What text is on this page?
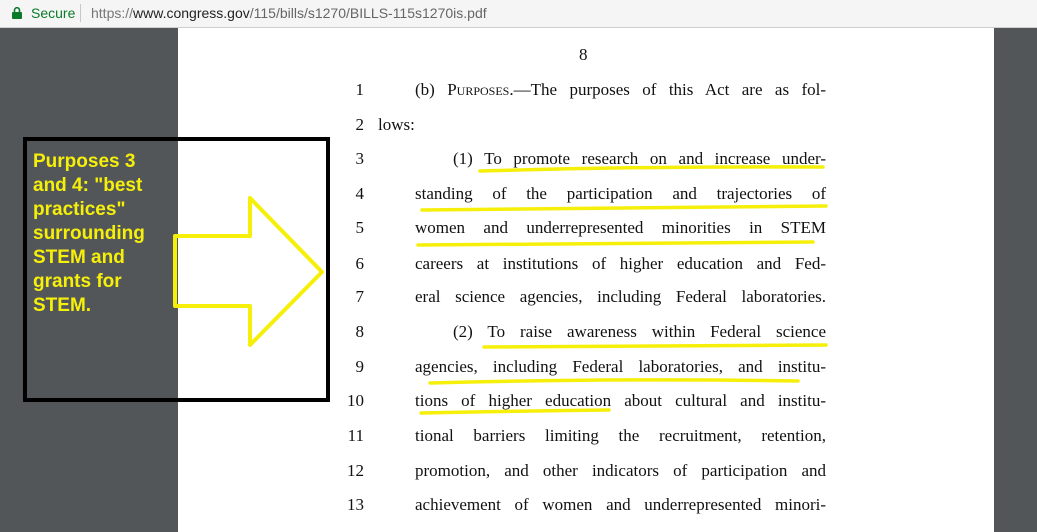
Secure https://www.congress.gov/115/bills/s1270/BILLS-115s1270is.pdf
8
1
2
3
4
5
6
7
8
9
10
11
12
13
(b) Purposes.—The purposes of this Act are as fol-
lows:
(1) To promote research on and increase under-
standing of the participation and trajectories of
women and underrepresented minorities in STEM
careers at institutions of higher education and Fed-
eral science agencies, including Federal laboratories.
(2) To raise awareness within Federal science
agencies, including Federal laboratories, and institu-
tions of higher education about cultural and institu-
tional barriers limiting the recruitment, retention,
promotion, and other indicators of participation and
achievement of women and underrepresented minori-
Purposes 3 and 4: "best practices" surrounding STEM and grants for STEM.
